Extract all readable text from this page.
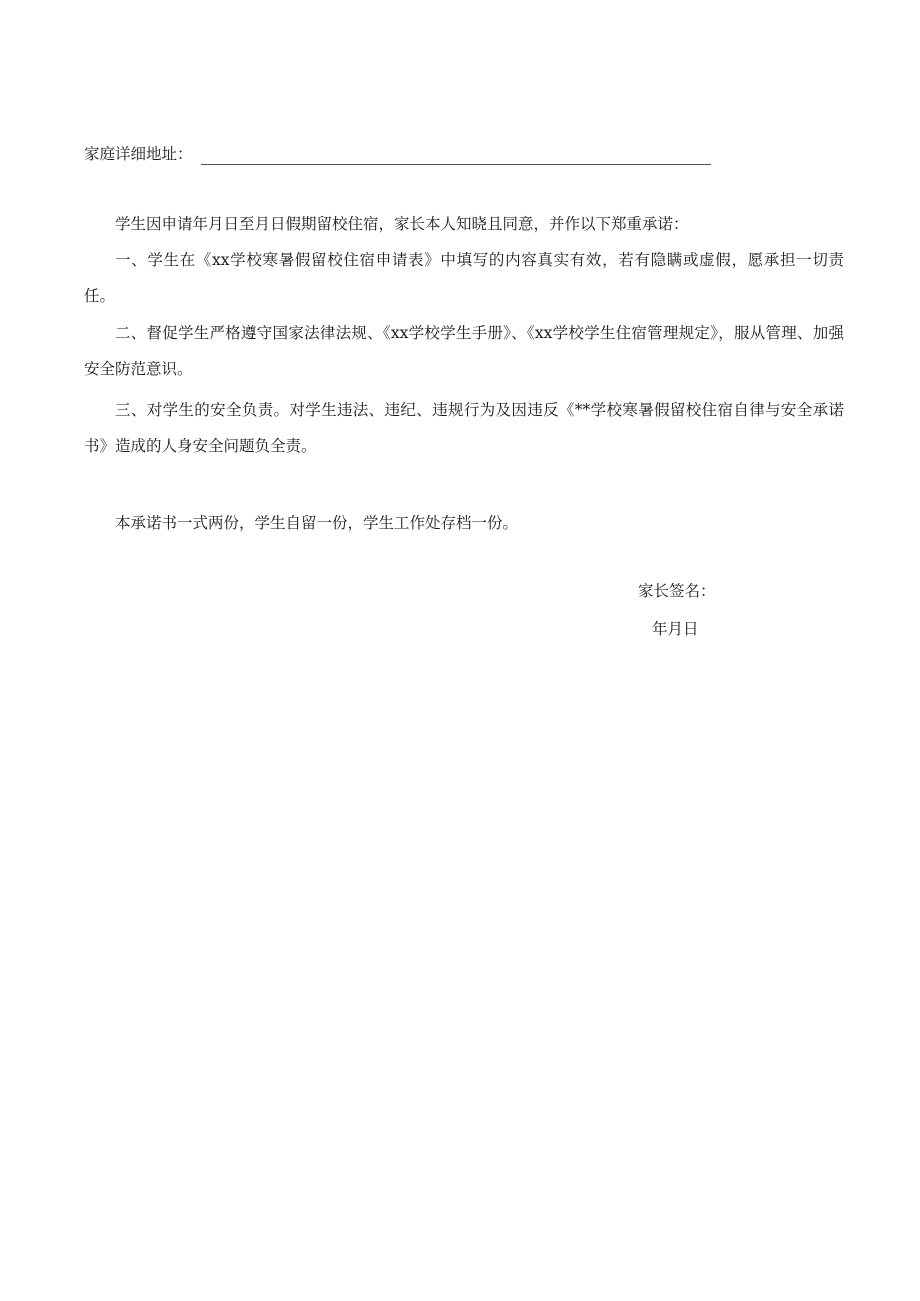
家庭详细地址：

学生因申请年月日至月日假期留校住宿，家长本人知晓且同意，并作以下郑重承诺：

一、学生在《xx学校寒暑假留校住宿申请表》中填写的内容真实有效，若有隐瞒或虚假，愿承担一切责任。

二、督促学生严格遵守国家法律法规、《xx学校学生手册》、《xx学校学生住宿管理规定》，服从管理、加强安全防范意识。

三、对学生的安全负责。对学生违法、违纪、违规行为及因违反《**学校寒暑假留校住宿自律与安全承诺书》造成的人身安全问题负全责。

本承诺书一式两份，学生自留一份，学生工作处存档一份。

家长签名：
年月日
